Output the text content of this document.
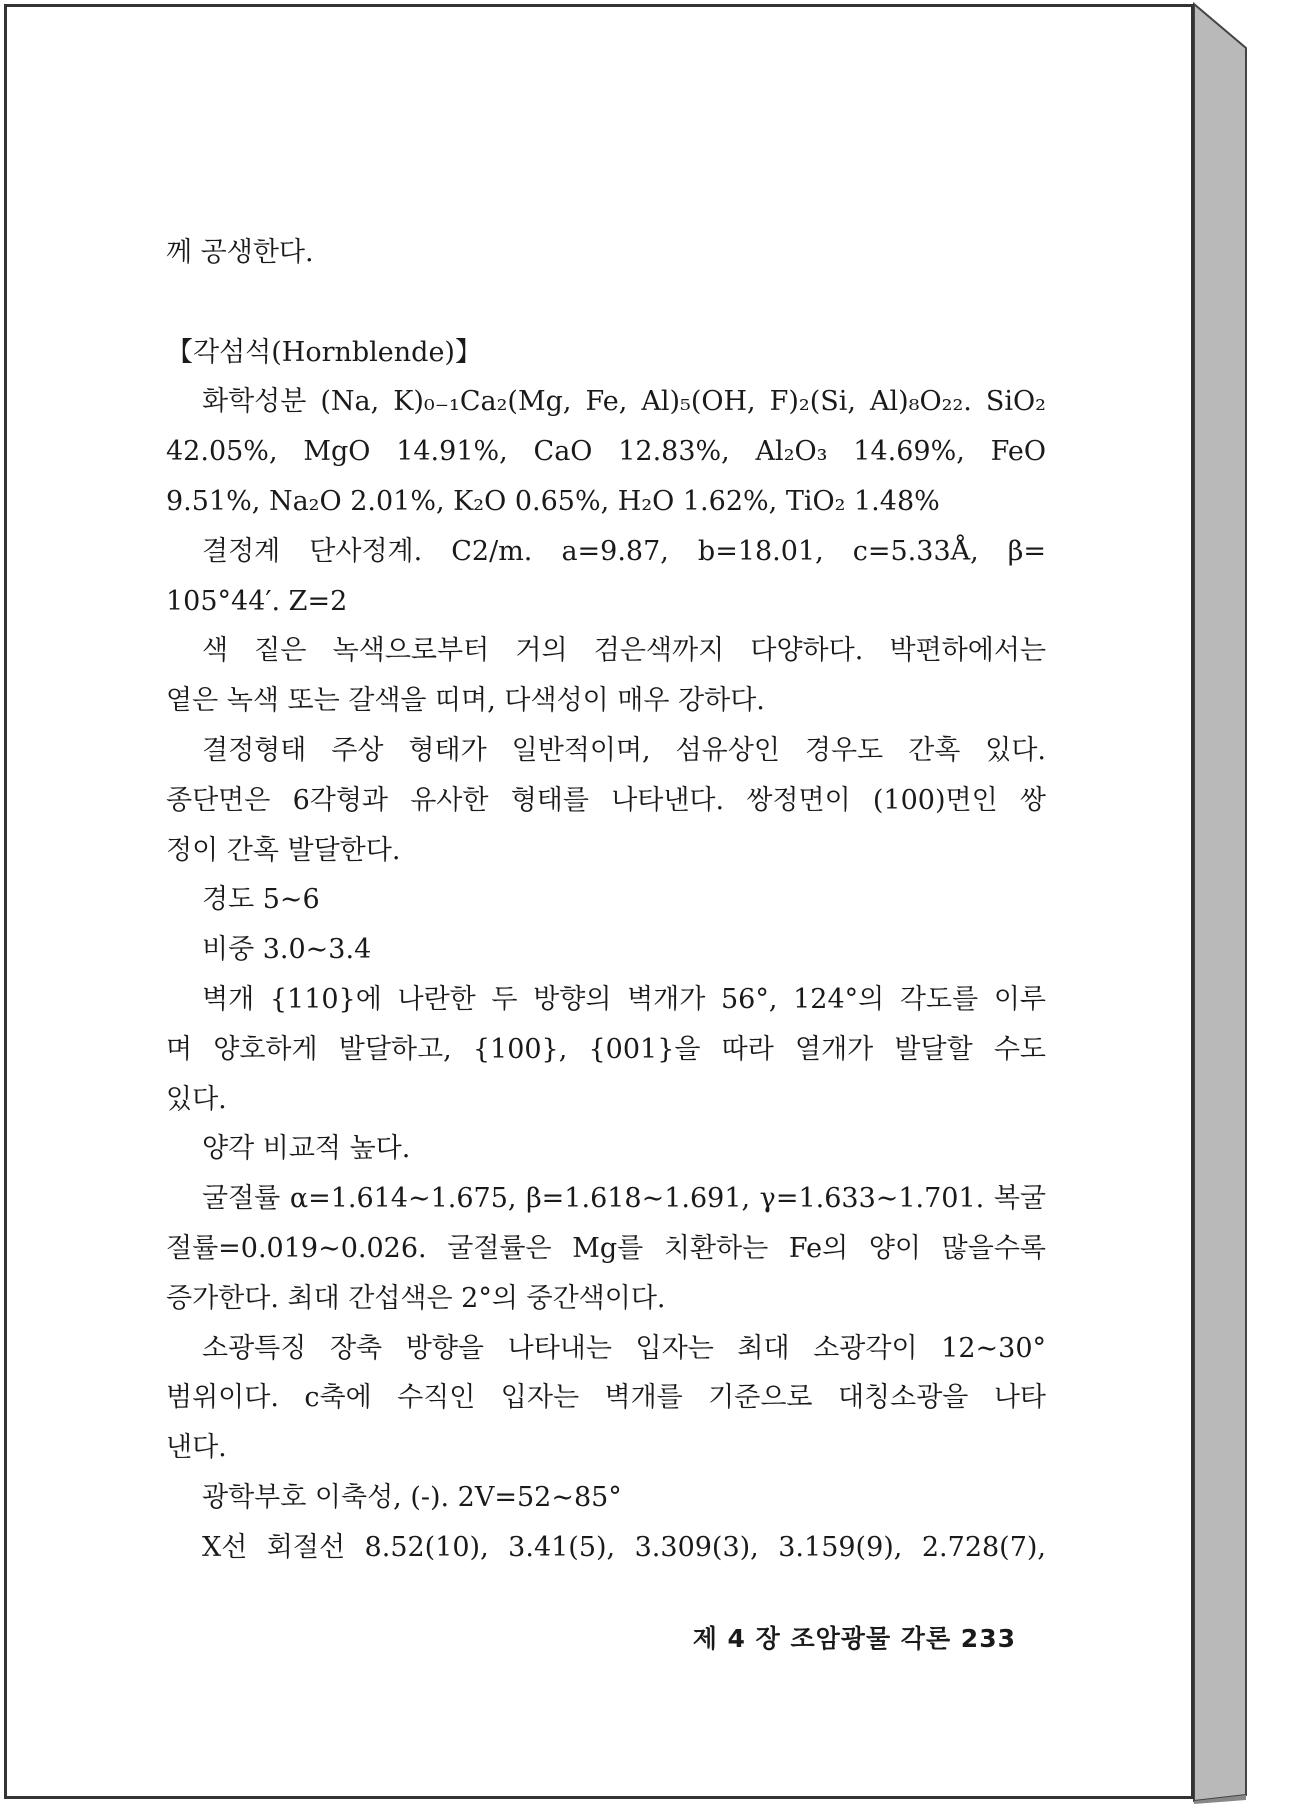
께 공생한다.
【각섬석(Hornblende)】
화학성분 (Na, K)₀₋₁Ca₂(Mg, Fe, Al)₅(OH, F)₂(Si, Al)₈O₂₂. SiO₂
42.05%, MgO 14.91%, CaO 12.83%, Al₂O₃ 14.69%, FeO
9.51%, Na₂O 2.01%, K₂O 0.65%, H₂O 1.62%, TiO₂ 1.48%
결정계 단사정계. C2/m. a=9.87, b=18.01, c=5.33Å, β=
105°44′. Z=2
색 짙은 녹색으로부터 거의 검은색까지 다양하다. 박편하에서는
옅은 녹색 또는 갈색을 띠며, 다색성이 매우 강하다.
결정형태 주상 형태가 일반적이며, 섬유상인 경우도 간혹 있다.
종단면은 6각형과 유사한 형태를 나타낸다. 쌍정면이 (100)면인 쌍
정이 간혹 발달한다.
경도 5∼6
비중 3.0∼3.4
벽개 {110}에 나란한 두 방향의 벽개가 56°, 124°의 각도를 이루
며 양호하게 발달하고, {100}, {001}을 따라 열개가 발달할 수도
있다.
양각 비교적 높다.
굴절률 α=1.614∼1.675, β=1.618∼1.691, γ=1.633∼1.701. 복굴
절률=0.019∼0.026. 굴절률은 Mg를 치환하는 Fe의 양이 많을수록
증가한다. 최대 간섭색은 2°의 중간색이다.
소광특징 장축 방향을 나타내는 입자는 최대 소광각이 12∼30°
범위이다. c축에 수직인 입자는 벽개를 기준으로 대칭소광을 나타
낸다.
광학부호 이축성, (-). 2V=52∼85°
X선 회절선 8.52(10), 3.41(5), 3.309(3), 3.159(9), 2.728(7),
제 4 장 조암광물 각론 233
